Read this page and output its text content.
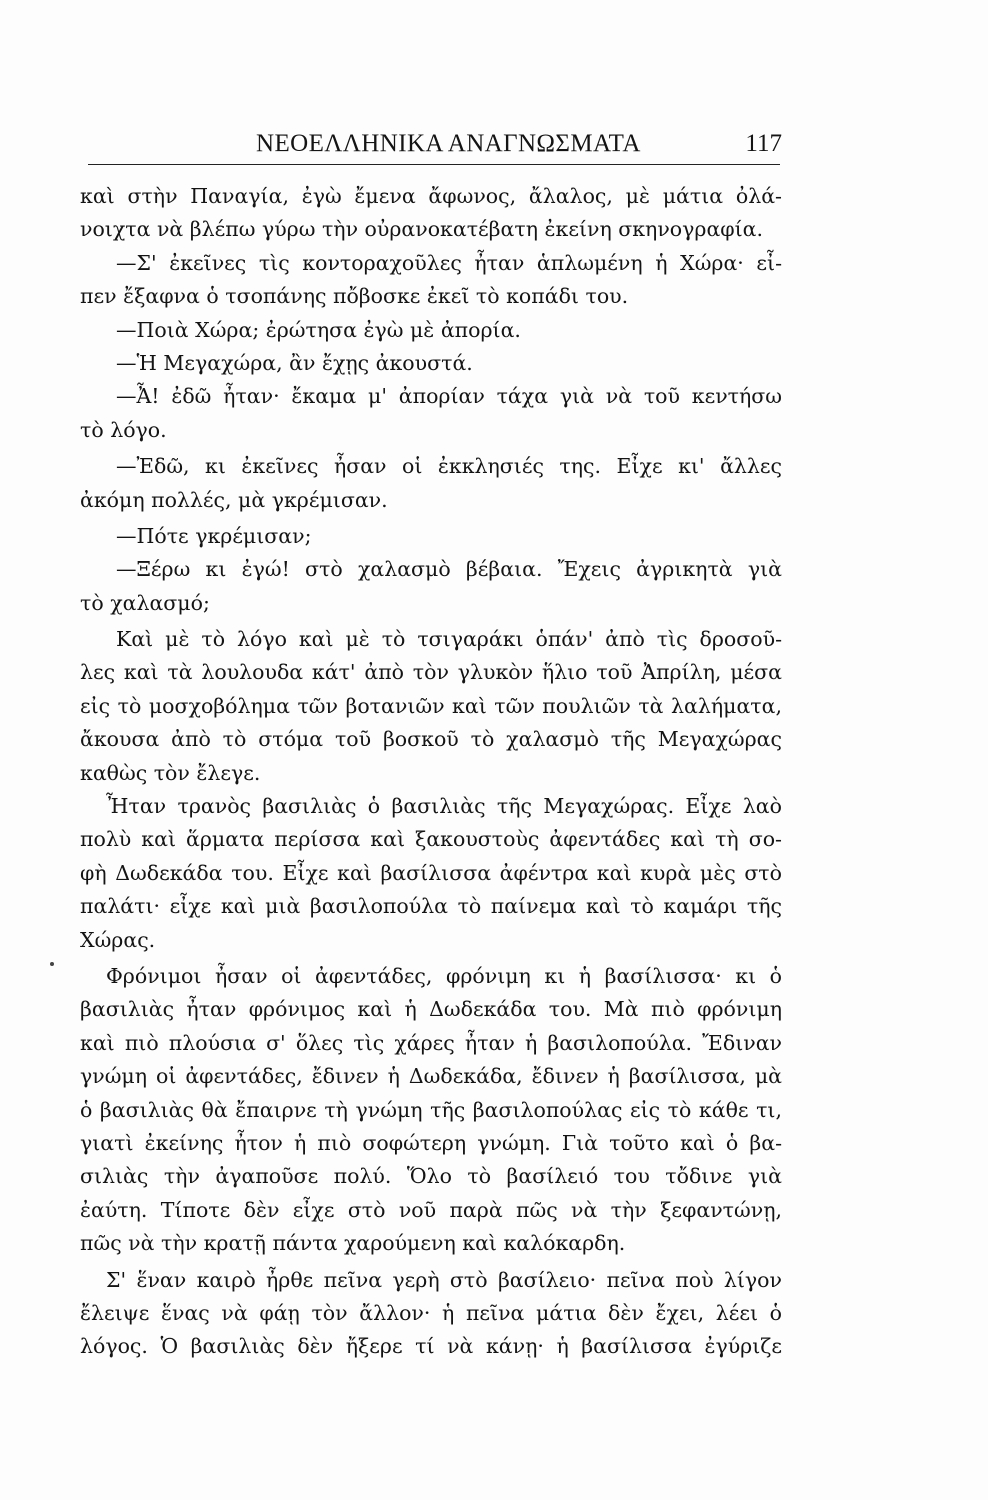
ΝΕΟΕΛΛΗΝΙΚΑ ΑΝΑΓΝΩΣΜΑΤΑ	117
καὶ στὴν Παναγία, ἐγὼ ἔμενα ἄφωνος, ἄλαλος, μὲ μάτια ὀλά-
νοιχτα νὰ βλέπω γύρω τὴν οὐρανοκατέβατη ἐκείνη σκηνογραφία.
—Σ' ἐκεῖνες τὶς κοντοραχοῦλες ἦταν ἁπλωμένη ἡ Χώρα· εἶ-
πεν ἔξαφνα ὁ τσοπάνης πὄβοσκε ἐκεῖ τὸ κοπάδι του.
—Ποιὰ Χώρα; ἐρώτησα ἐγὼ μὲ ἀπορία.
—Ἡ Μεγαχώρα, ἂν ἔχῃς ἀκουστά.
—Ἆ! ἐδῶ ἦταν· ἔκαμα μ' ἀπορίαν τάχα γιὰ νὰ τοῦ κεντήσω
τὸ λόγο.
—Ἐδῶ, κι ἐκεῖνες ἦσαν οἱ ἐκκλησιές της. Εἶχε κι' ἄλλες
ἀκόμη πολλές, μὰ γκρέμισαν.
—Πότε γκρέμισαν;
—Ξέρω κι ἐγώ! στὸ χαλασμὸ βέβαια. Ἔχεις ἀγρικητὰ γιὰ
τὸ χαλασμό;
Καὶ μὲ τὸ λόγο καὶ μὲ τὸ τσιγαράκι ὁπάν' ἀπὸ τὶς δροσοῦ-
λες καὶ τὰ λουλουδα κάτ' ἀπὸ τὸν γλυκὸν ἥλιο τοῦ Ἀπρίλη, μέσα
εἰς τὸ μοσχοβόλημα τῶν βοτανιῶν καὶ τῶν πουλιῶν τὰ λαλήματα,
ἄκουσα ἀπὸ τὸ στόμα τοῦ βοσκοῦ τὸ χαλασμὸ τῆς Μεγαχώρας
καθὼς τὸν ἔλεγε.
Ἦταν τρανὸς βασιλιὰς ὁ βασιλιὰς τῆς Μεγαχώρας. Εἶχε λαὸ
πολὺ καὶ ἅρματα περίσσα καὶ ξακουστοὺς ἀφεντάδες καὶ τὴ σο-
φὴ Δωδεκάδα του. Εἶχε καὶ βασίλισσα ἀφέντρα καὶ κυρὰ μὲς στὸ
παλάτι· εἶχε καὶ μιὰ βασιλοπούλα τὸ παίνεμα καὶ τὸ καμάρι τῆς
Χώρας.
Φρόνιμοι ἦσαν οἱ ἀφεντάδες, φρόνιμη κι ἡ βασίλισσα· κι ὁ
βασιλιὰς ἦταν φρόνιμος καὶ ἡ Δωδεκάδα του. Μὰ πιὸ φρόνιμη
καὶ πιὸ πλούσια σ' ὅλες τὶς χάρες ἦταν ἡ βασιλοπούλα. Ἔδιναν
γνώμη οἱ ἀφεντάδες, ἔδινεν ἡ Δωδεκάδα, ἔδινεν ἡ βασίλισσα, μὰ
ὁ βασιλιὰς θὰ ἔπαιρνε τὴ γνώμη τῆς βασιλοπούλας εἰς τὸ κάθε τι,
γιατὶ ἐκείνης ἦτον ἡ πιὸ σοφώτερη γνώμη. Γιὰ τοῦτο καὶ ὁ βα-
σιλιὰς τὴν ἀγαποῦσε πολύ. Ὅλο τὸ βασίλειό του τὄδινε γιὰ
ἐαύτη. Τίποτε δὲν εἶχε στὸ νοῦ παρὰ πῶς νὰ τὴν ξεφαντώνῃ,
πῶς νὰ τὴν κρατῇ πάντα χαρούμενη καὶ καλόκαρδη.
Σ' ἕναν καιρὸ ἦρθε πεῖνα γερὴ στὸ βασίλειο· πεῖνα ποὺ λίγον
ἔλειψε ἕνας νὰ φάῃ τὸν ἄλλον· ἡ πεῖνα μάτια δὲν ἔχει, λέει ὁ
λόγος. Ὁ βασιλιὰς δὲν ἤξερε τί νὰ κάνῃ· ἡ βασίλισσα ἐγύριζε
